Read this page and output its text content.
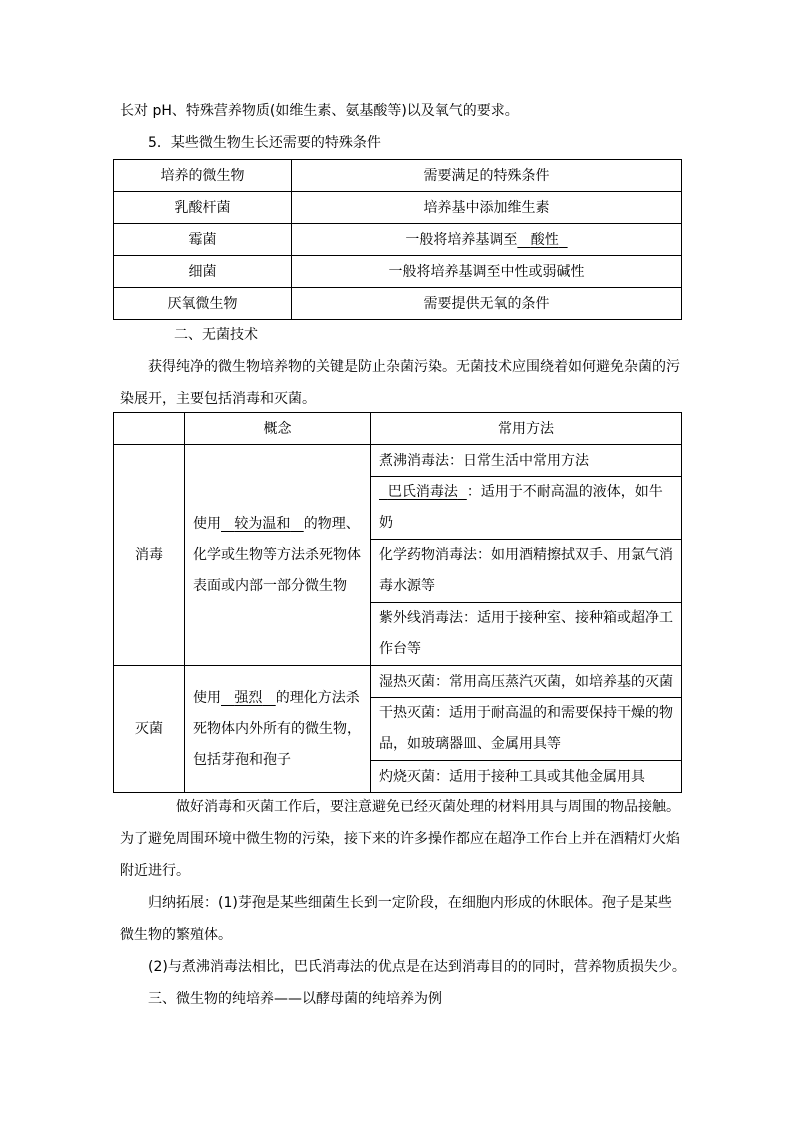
长对 pH、特殊营养物质(如维生素、氨基酸等)以及氧气的要求。
5．某些微生物生长还需要的特殊条件
培养的微生物	需要满足的特殊条件
乳酸杆菌	培养基中添加维生素
霉菌	一般将培养基调至 酸性
细菌	一般将培养基调至中性或弱碱性
厌氧微生物	需要提供无氧的条件
二、无菌技术
获得纯净的微生物培养物的关键是防止杂菌污染。无菌技术应围绕着如何避免杂菌的污
染展开，主要包括消毒和灭菌。
	概念	常用方法
消毒	使用 较为温和 的物理、
化学或生物等方法杀死物体
表面或内部一部分微生物	煮沸消毒法：日常生活中常用方法

		巴氏消毒法 ：适用于不耐高温的液体，如牛
奶

		化学药物消毒法：如用酒精擦拭双手、用氯气消
毒水源等

		紫外线消毒法：适用于接种室、接种箱或超净工
作台等

灭菌	使用 强烈 的理化方法杀
死物体内外所有的微生物，
包括芽孢和孢子	湿热灭菌：常用高压蒸汽灭菌，如培养基的灭菌

		干热灭菌：适用于耐高温的和需要保持干燥的物
品，如玻璃器皿、金属用具等

		灼烧灭菌：适用于接种工具或其他金属用具
做好消毒和灭菌工作后，要注意避免已经灭菌处理的材料用具与周围的物品接触。
为了避免周围环境中微生物的污染，接下来的许多操作都应在超净工作台上并在酒精灯火焰
附近进行。
归纳拓展：(1)芽孢是某些细菌生长到一定阶段，在细胞内形成的休眠体。孢子是某些
微生物的繁殖体。
(2)与煮沸消毒法相比，巴氏消毒法的优点是在达到消毒目的的同时，营养物质损失少。
三、微生物的纯培养——以酵母菌的纯培养为例
